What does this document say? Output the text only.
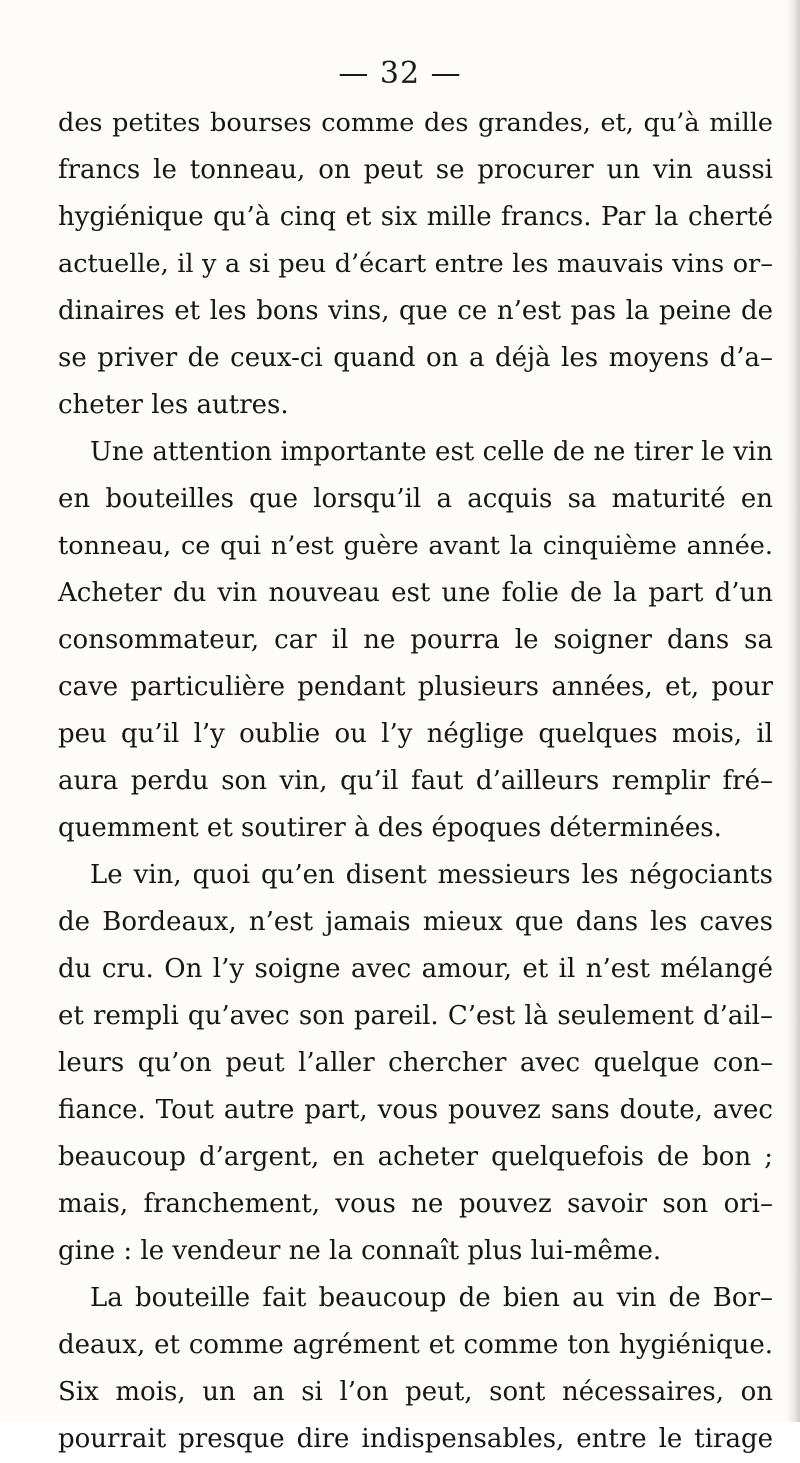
— 32 —
des petites bourses comme des grandes, et, qu’à mille
francs le tonneau, on peut se procurer un vin aussi
hygiénique qu’à cinq et six mille francs. Par la cherté
actuelle, il y a si peu d’écart entre les mauvais vins or–
dinaires et les bons vins, que ce n’est pas la peine de
se priver de ceux-ci quand on a déjà les moyens d’a–
cheter les autres.
Une attention importante est celle de ne tirer le vin
en bouteilles que lorsqu’il a acquis sa maturité en
tonneau, ce qui n’est guère avant la cinquième année.
Acheter du vin nouveau est une folie de la part d’un
consommateur, car il ne pourra le soigner dans sa
cave particulière pendant plusieurs années, et, pour
peu qu’il l’y oublie ou l’y néglige quelques mois, il
aura perdu son vin, qu’il faut d’ailleurs remplir fré–
quemment et soutirer à des époques déterminées.
Le vin, quoi qu’en disent messieurs les négociants
de Bordeaux, n’est jamais mieux que dans les caves
du cru. On l’y soigne avec amour, et il n’est mélangé
et rempli qu’avec son pareil. C’est là seulement d’ail–
leurs qu’on peut l’aller chercher avec quelque con–
fiance. Tout autre part, vous pouvez sans doute, avec
beaucoup d’argent, en acheter quelquefois de bon ;
mais, franchement, vous ne pouvez savoir son ori–
gine : le vendeur ne la connaît plus lui-même.
La bouteille fait beaucoup de bien au vin de Bor–
deaux, et comme agrément et comme ton hygiénique.
Six mois, un an si l’on peut, sont nécessaires, on
pourrait presque dire indispensables, entre le tirage
